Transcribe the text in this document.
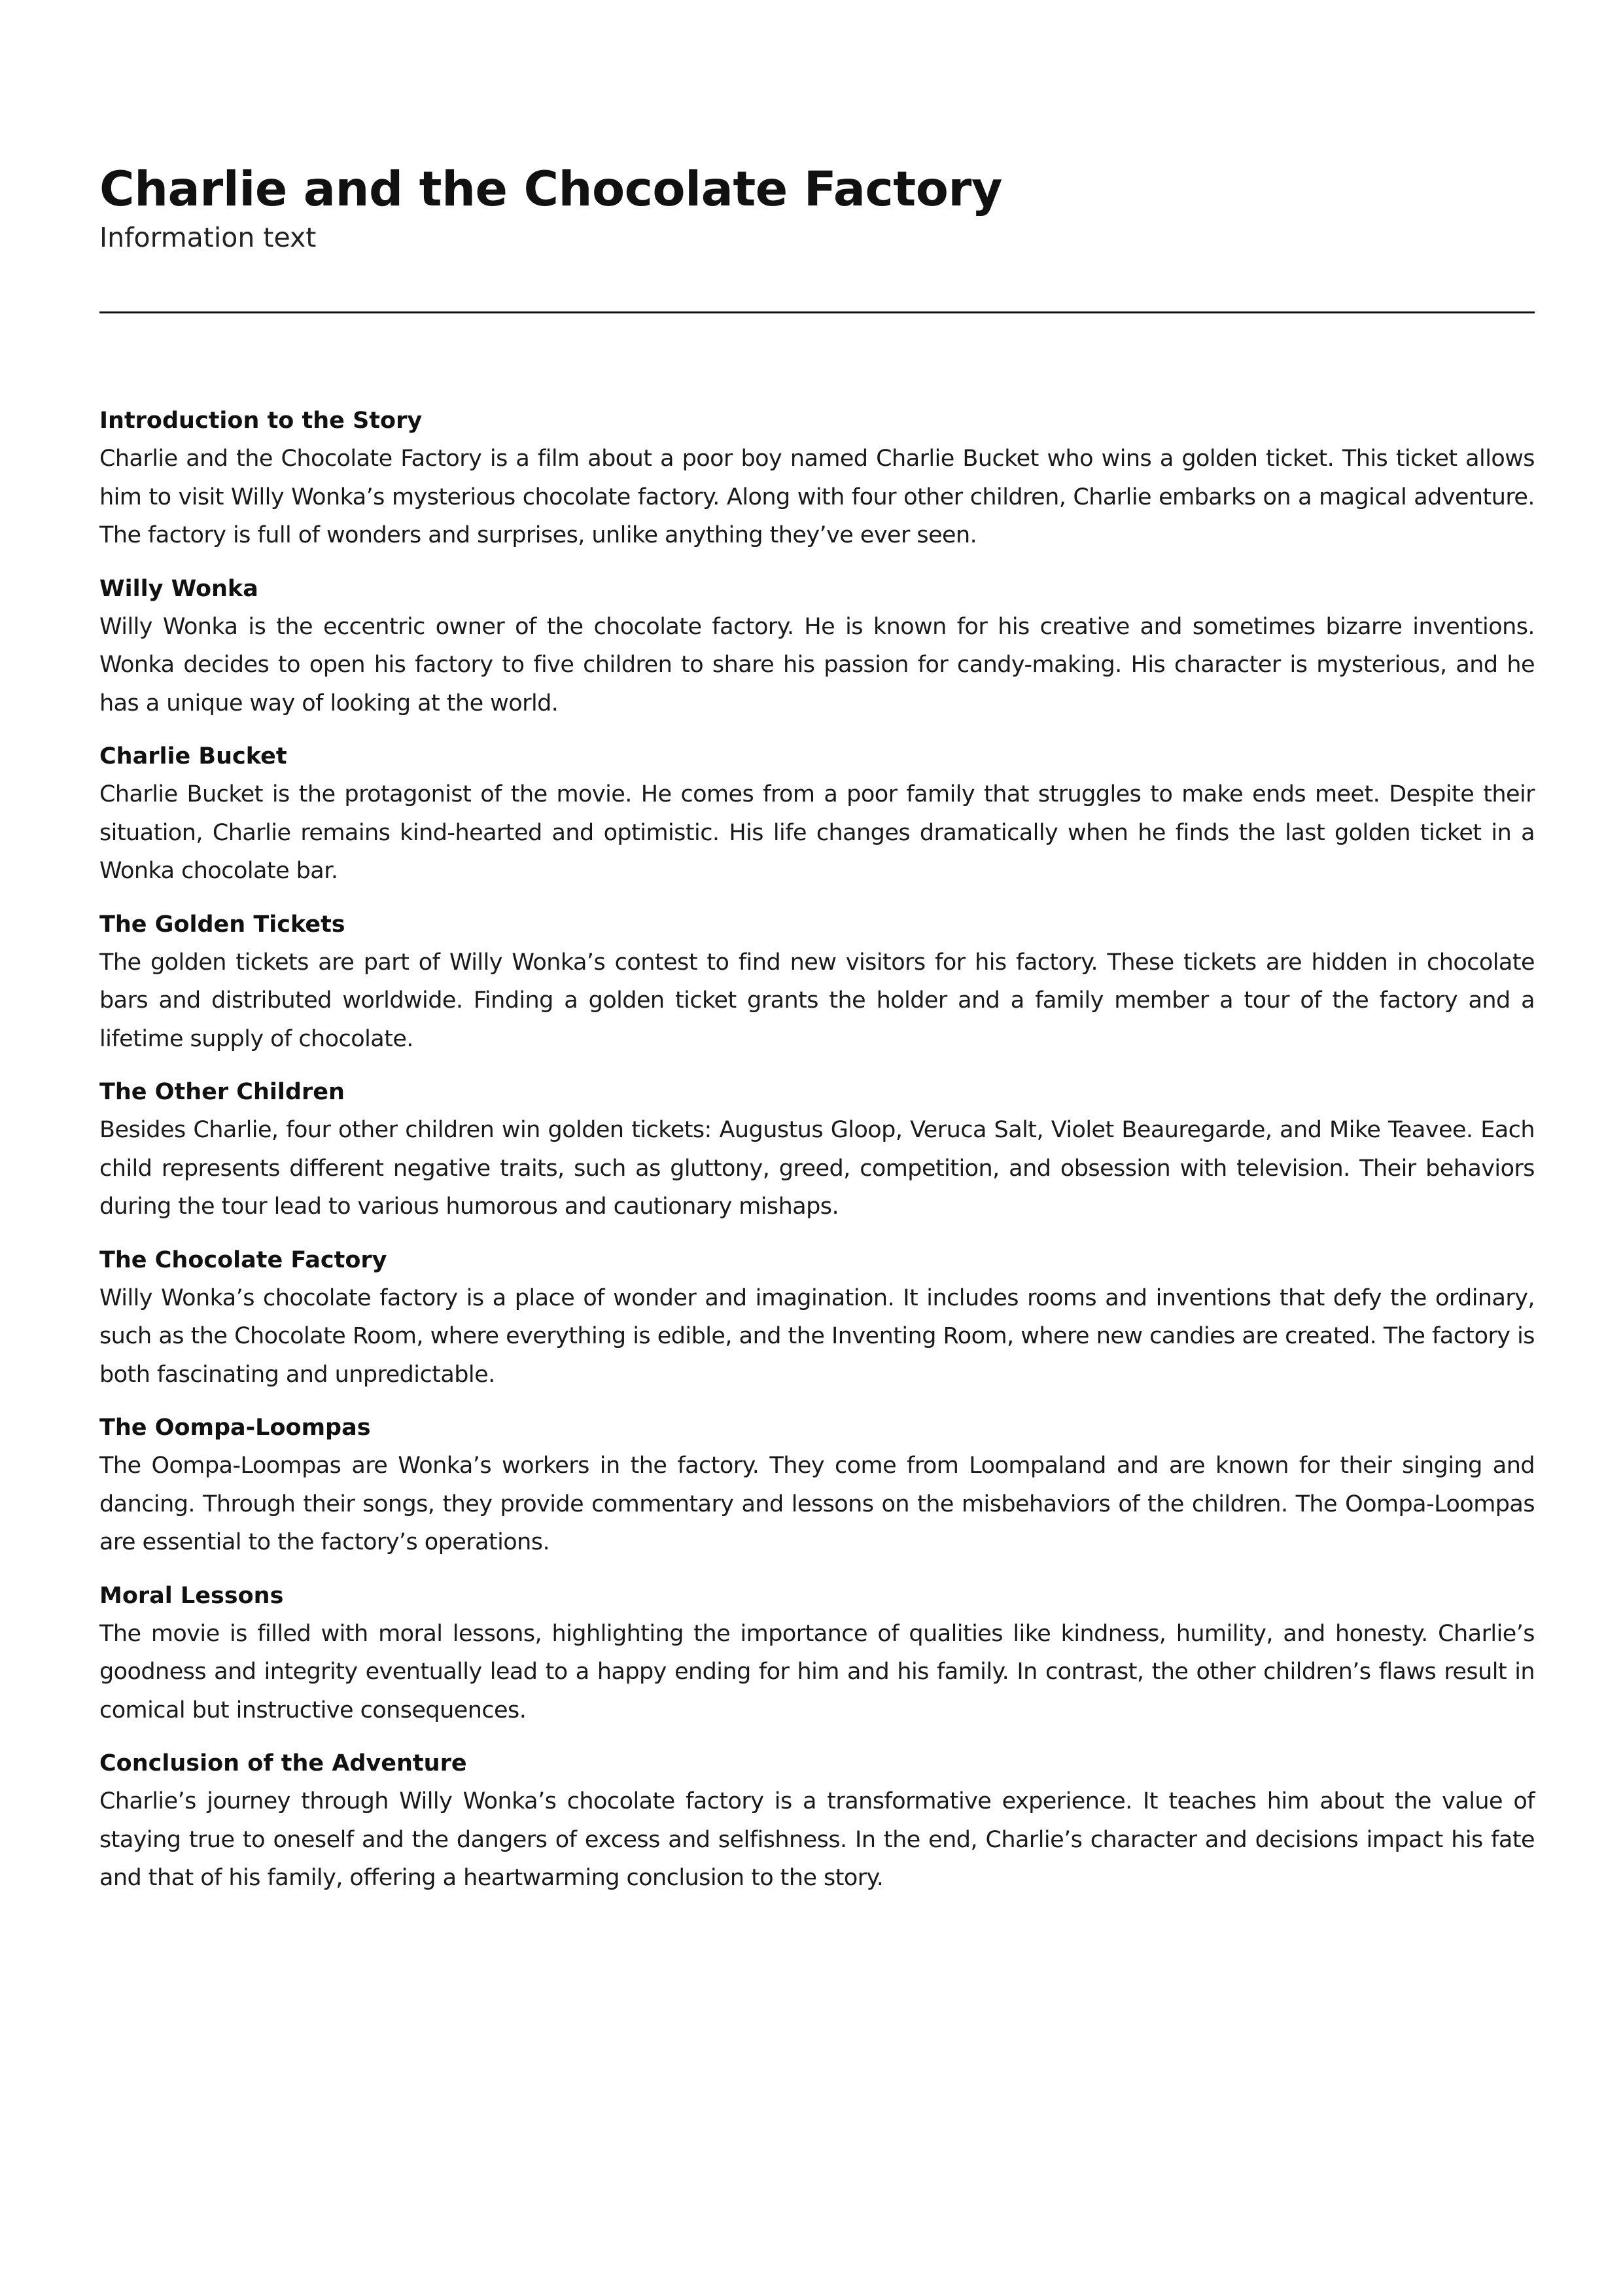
Charlie and the Chocolate Factory
Information text
Introduction to the Story

Charlie and the Chocolate Factory is a film about a poor boy named Charlie Bucket who wins a golden ticket. This ticket allows him to visit Willy Wonka’s mysterious chocolate factory. Along with four other children, Charlie embarks on a magical adventure. The factory is full of wonders and surprises, unlike anything they’ve ever seen.

Willy Wonka

Willy Wonka is the eccentric owner of the chocolate factory. He is known for his creative and sometimes bizarre inventions. Wonka decides to open his factory to five children to share his passion for candy-making. His character is mysterious, and he has a unique way of looking at the world.

Charlie Bucket

Charlie Bucket is the protagonist of the movie. He comes from a poor family that struggles to make ends meet. Despite their situation, Charlie remains kind-hearted and optimistic. His life changes dramatically when he finds the last golden ticket in a Wonka chocolate bar.

The Golden Tickets

The golden tickets are part of Willy Wonka’s contest to find new visitors for his factory. These tickets are hidden in chocolate bars and distributed worldwide. Finding a golden ticket grants the holder and a family member a tour of the factory and a lifetime supply of chocolate.

The Other Children

Besides Charlie, four other children win golden tickets: Augustus Gloop, Veruca Salt, Violet Beauregarde, and Mike Teavee. Each child represents different negative traits, such as gluttony, greed, competition, and obsession with television. Their behaviors during the tour lead to various humorous and cautionary mishaps.

The Chocolate Factory

Willy Wonka’s chocolate factory is a place of wonder and imagination. It includes rooms and inventions that defy the ordinary, such as the Chocolate Room, where everything is edible, and the Inventing Room, where new candies are created. The factory is both fascinating and unpredictable.

The Oompa-Loompas

The Oompa-Loompas are Wonka’s workers in the factory. They come from Loompaland and are known for their singing and dancing. Through their songs, they provide commentary and lessons on the misbehaviors of the children. The Oompa-Loompas are essential to the factory’s operations.

Moral Lessons

The movie is filled with moral lessons, highlighting the importance of qualities like kindness, humility, and honesty. Charlie’s goodness and integrity eventually lead to a happy ending for him and his family. In contrast, the other children’s flaws result in comical but instructive consequences.

Conclusion of the Adventure

Charlie’s journey through Willy Wonka’s chocolate factory is a transformative experience. It teaches him about the value of staying true to oneself and the dangers of excess and selfishness. In the end, Charlie’s character and decisions impact his fate and that of his family, offering a heartwarming conclusion to the story.
